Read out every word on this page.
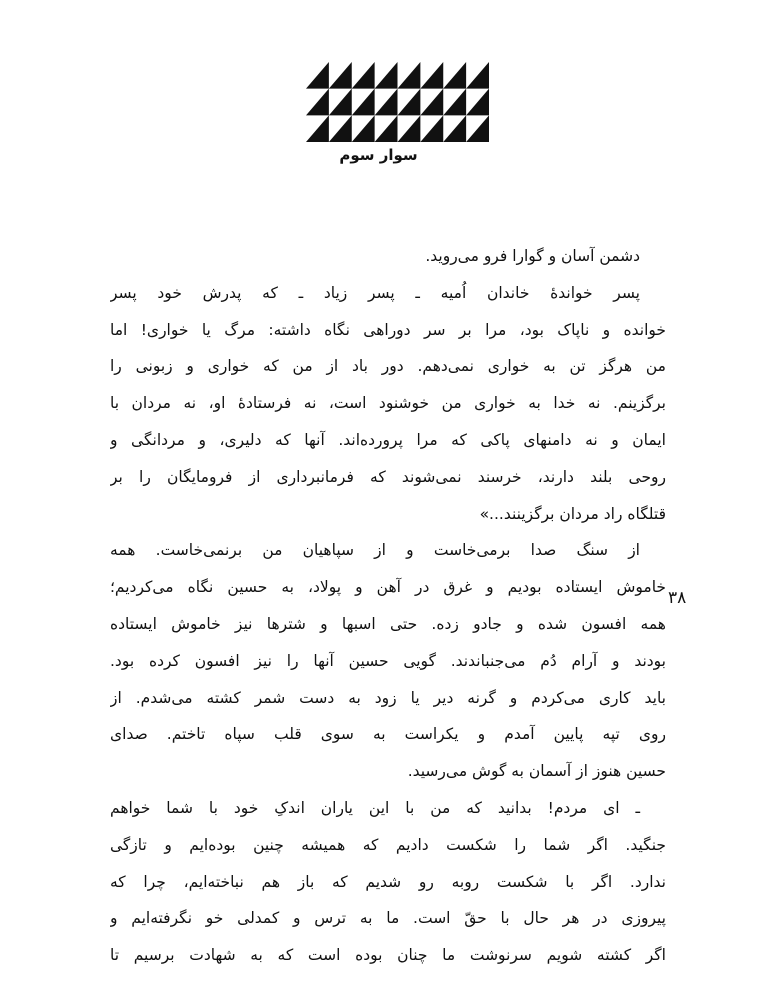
سوار سوم
دشمن آسان و گوارا فرو می‌روید.
پسر خواندهٔ خاندان اُمیه ـ پسر زیاد ـ که پدرش خود پسر
خوانده و ناپاک بود، مرا بر سر دوراهی نگاه داشته: مرگ یا خواری! اما
من هرگز تن به خواری نمی‌دهم. دور باد از من که خواری و زبونی را
برگزینم. نه خدا به خواری من خوشنود است، نه فرستادهٔ او، نه مردان با
ایمان و نه دامنهای پاکی که مرا پرورده‌اند. آنها که دلیری، و مردانگی و
روحی بلند دارند، خرسند نمی‌شوند که فرمانبرداری از فرومایگان را بر
قتلگاه راد مردان برگزینند...»
از سنگ صدا برمی‌خاست و از سپاهیان من برنمی‌خاست. همه
خاموش ایستاده بودیم و غرق در آهن و پولاد، به حسین نگاه می‌کردیم؛
همه افسون شده و جادو زده. حتی اسبها و شترها نیز خاموش ایستاده
بودند و آرام دُم می‌جنباندند. گویی حسین آنها را نیز افسون کرده بود.
باید کاری می‌کردم و گرنه دیر یا زود به دست شمر کشته می‌شدم. از
روی تپه پایین آمدم و یکراست به سوی قلب سپاه تاختم. صدای
حسین هنوز از آسمان به گوش می‌رسید.
ـ ای مردم! بدانید که من با این یاران اندکِ خود با شما خواهم
جنگید. اگر شما را شکست دادیم که همیشه چنین بوده‌ایم و تازگی
ندارد. اگر با شکست روبه رو شدیم که باز هم نباخته‌ایم، چرا که
پیروزی در هر حال با حقّ است. ما به ترس و کمدلی خو نگرفته‌ایم و
اگر کشته شویم سرنوشت ما چنان بوده است که به شهادت برسیم تا
۳۸
